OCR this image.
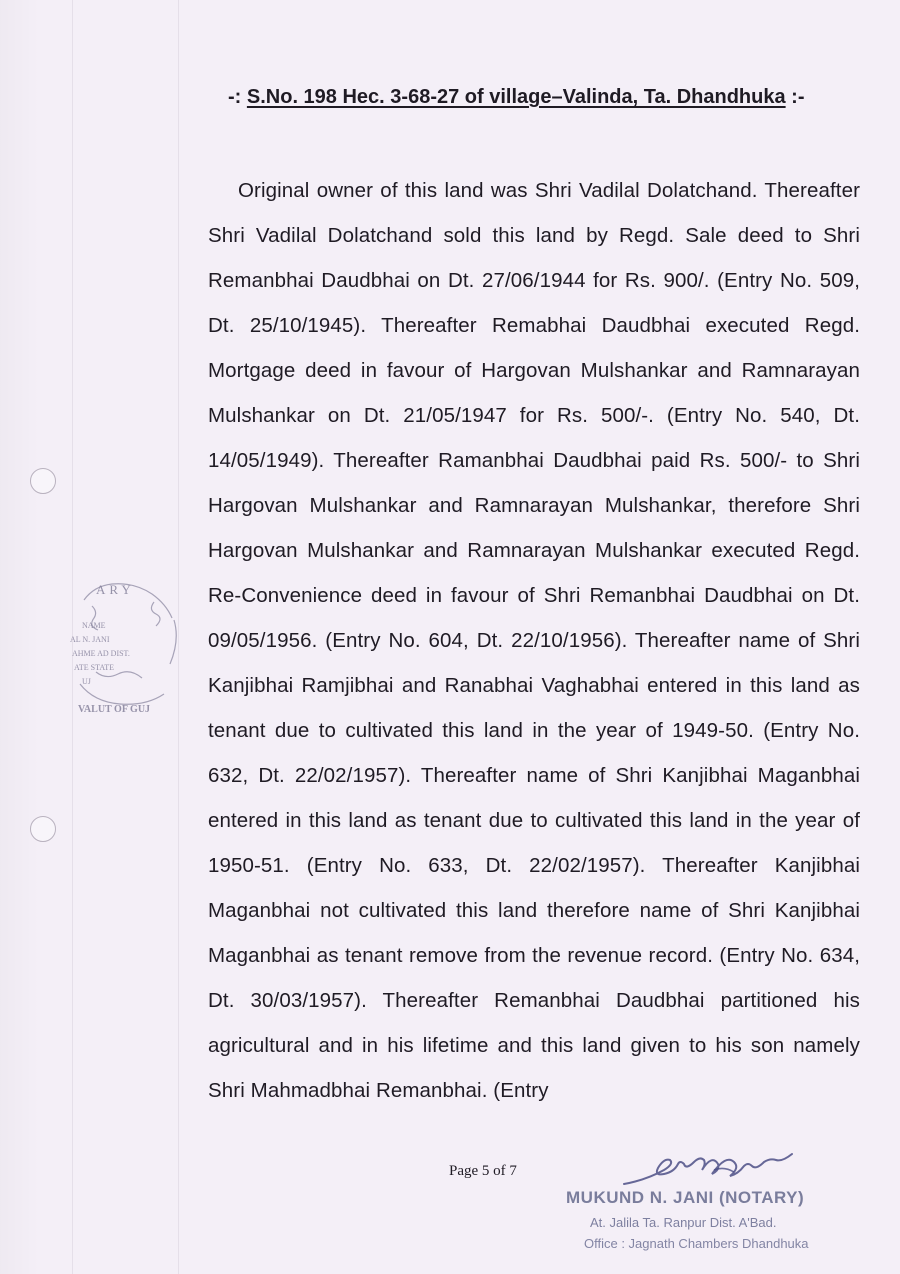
-: S.No. 198 Hec. 3-68-27 of village–Valinda, Ta. Dhandhuka :-
Original owner of this land was Shri Vadilal Dolatchand. Thereafter Shri Vadilal Dolatchand sold this land by Regd. Sale deed to Shri Remanbhai Daudbhai on Dt. 27/06/1944 for Rs. 900/. (Entry No. 509, Dt. 25/10/1945). Thereafter Remabhai Daudbhai executed Regd. Mortgage deed in favour of Hargovan Mulshankar and Ramnarayan Mulshankar on Dt. 21/05/1947 for Rs. 500/-. (Entry No. 540, Dt. 14/05/1949). Thereafter Ramanbhai Daudbhai paid Rs. 500/- to Shri Hargovan Mulshankar and Ramnarayan Mulshankar, therefore Shri Hargovan Mulshankar and Ramnarayan Mulshankar executed Regd. Re-Convenience deed in favour of Shri Remanbhai Daudbhai on Dt. 09/05/1956. (Entry No. 604, Dt. 22/10/1956). Thereafter name of Shri Kanjibhai Ramjibhai and Ranabhai Vaghabhai entered in this land as tenant due to cultivated this land in the year of 1949-50. (Entry No. 632, Dt. 22/02/1957). Thereafter name of Shri Kanjibhai Maganbhai entered in this land as tenant due to cultivated this land in the year of 1950-51. (Entry No. 633, Dt. 22/02/1957). Thereafter Kanjibhai Maganbhai not cultivated this land therefore name of Shri Kanjibhai Maganbhai as tenant remove from the revenue record. (Entry No. 634, Dt. 30/03/1957). Thereafter Remanbhai Daudbhai partitioned his agricultural and in his lifetime and this land given to his son namely Shri Mahmadbhai Remanbhai. (Entry
ARY
NAME
AL N. JANI
AHME AD DIST.
ATE STATE
UJ
VALUT OF GUJ
Page 5 of 7
MUKUND N. JANI (NOTARY)
At. Jalila Ta. Ranpur Dist. A'Bad.
Office : Jagnath Chambers Dhandhuka
